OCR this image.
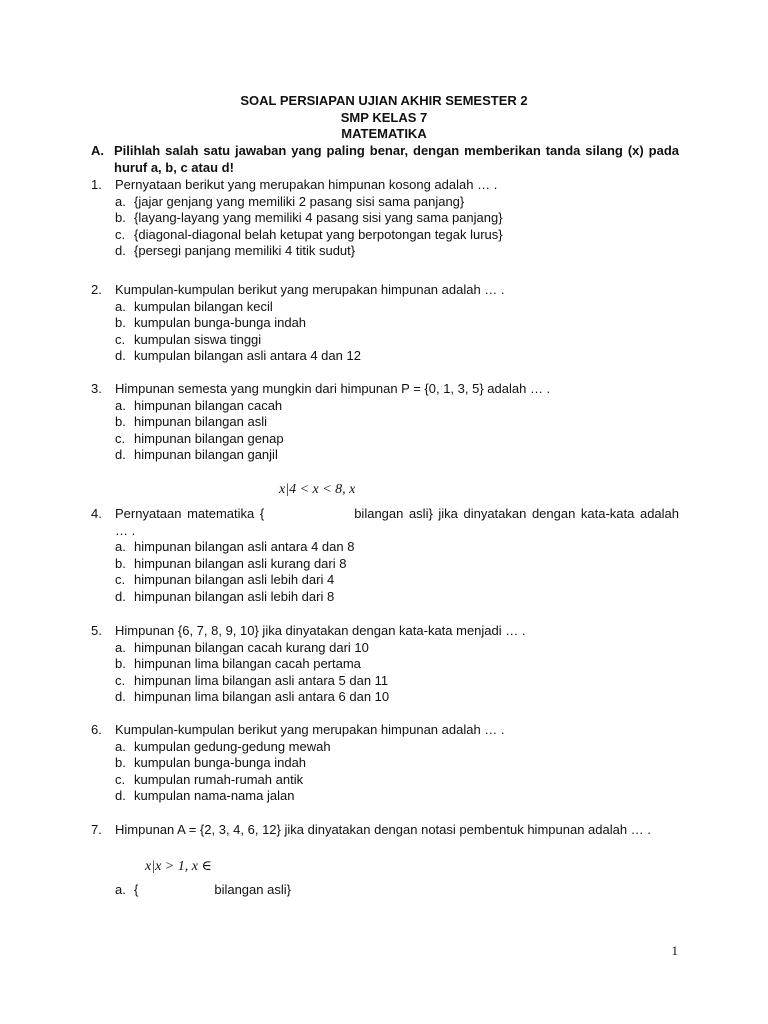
SOAL PERSIAPAN UJIAN AKHIR SEMESTER 2
SMP KELAS 7
MATEMATIKA
A. Pilihlah salah satu jawaban yang paling benar, dengan memberikan tanda silang (x) pada huruf a, b, c atau d!
1. Pernyataan berikut yang merupakan himpunan kosong adalah … .
a. {jajar genjang yang memiliki 2 pasang sisi sama panjang}
b. {layang-layang yang memiliki 4 pasang sisi yang sama panjang}
c. {diagonal-diagonal belah ketupat yang berpotongan tegak lurus}
d. {persegi panjang memiliki 4 titik sudut}
2. Kumpulan-kumpulan berikut yang merupakan himpunan adalah … .
a. kumpulan bilangan kecil
b. kumpulan bunga-bunga indah
c. kumpulan siswa tinggi
d. kumpulan bilangan asli antara 4 dan 12
3. Himpunan semesta yang mungkin dari himpunan P = {0, 1, 3, 5} adalah … .
a. himpunan bilangan cacah
b. himpunan bilangan asli
c. himpunan bilangan genap
d. himpunan bilangan ganjil
x|4 < x < 8, x
4. Pernyataan matematika {	bilangan asli} jika dinyatakan dengan kata-kata adalah … .
a. himpunan bilangan asli antara 4 dan 8
b. himpunan bilangan asli kurang dari 8
c. himpunan bilangan asli lebih dari 4
d. himpunan bilangan asli lebih dari 8
5. Himpunan {6, 7, 8, 9, 10} jika dinyatakan dengan kata-kata menjadi … .
a. himpunan bilangan cacah kurang dari 10
b. himpunan lima bilangan cacah pertama
c. himpunan lima bilangan asli antara 5 dan 11
d. himpunan lima bilangan asli antara 6 dan 10
6. Kumpulan-kumpulan berikut yang merupakan himpunan adalah … .
a. kumpulan gedung-gedung mewah
b. kumpulan bunga-bunga indah
c. kumpulan rumah-rumah antik
d. kumpulan nama-nama jalan
7. Himpunan A = {2, 3, 4, 6, 12} jika dinyatakan dengan notasi pembentuk himpunan adalah … .
x|x > 1, x ∈
a. {	bilangan asli}
1
